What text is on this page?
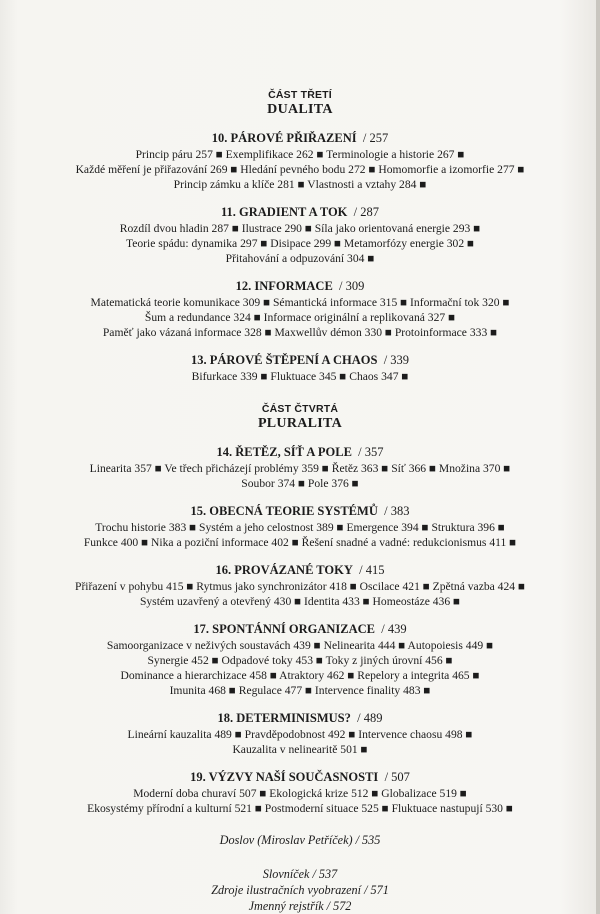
ČÁST TŘETÍ
DUALITA
10. PÁROVÉ PŘIŘAZENÍ / 257
Princip páru 257 ■ Exemplifikace 262 ■ Terminologie a historie 267 ■
Každé měření je přiřazování 269 ■ Hledání pevného bodu 272 ■ Homomorfie a izomorfie 277 ■
Princip zámku a klíče 281 ■ Vlastnosti a vztahy 284 ■
11. GRADIENT A TOK / 287
Rozdíl dvou hladin 287 ■ Ilustrace 290 ■ Síla jako orientovaná energie 293 ■
Teorie spádu: dynamika 297 ■ Disipace 299 ■ Metamorfózy energie 302 ■
Přitahování a odpuzování 304 ■
12. INFORMACE / 309
Matematická teorie komunikace 309 ■ Sémantická informace 315 ■ Informační tok 320 ■
Šum a redundance 324 ■ Informace originální a replikovaná 327 ■
Paměť jako vázaná informace 328 ■ Maxwellův démon 330 ■ Protoinformace 333 ■
13. PÁROVÉ ŠTĚPENÍ A CHAOS / 339
Bifurkace 339 ■ Fluktuace 345 ■ Chaos 347 ■
ČÁST ČTVRTÁ
PLURALITA
14. ŘETĚZ, SÍŤ A POLE / 357
Linearita 357 ■ Ve třech přicházejí problémy 359 ■ Řetěz 363 ■ Síť 366 ■ Množina 370 ■
Soubor 374 ■ Pole 376 ■
15. OBECNÁ TEORIE SYSTÉMŮ / 383
Trochu historie 383 ■ Systém a jeho celostnost 389 ■ Emergence 394 ■ Struktura 396 ■
Funkce 400 ■ Nika a poziční informace 402 ■ Řešení snadné a vadné: redukcionismus 411 ■
16. PROVÁZANÉ TOKY / 415
Přiřazení v pohybu 415 ■ Rytmus jako synchronizátor 418 ■ Oscilace 421 ■ Zpětná vazba 424 ■
Systém uzavřený a otevřený 430 ■ Identita 433 ■ Homeostáze 436 ■
17. SPONTÁNNÍ ORGANIZACE / 439
Samoorganizace v neživých soustavách 439 ■ Nelinearita 444 ■ Autopoiesis 449 ■
Synergie 452 ■ Odpadové toky 453 ■ Toky z jiných úrovní 456 ■
Dominance a hierarchizace 458 ■ Atraktory 462 ■ Repelory a integrita 465 ■
Imunita 468 ■ Regulace 477 ■ Intervence finality 483 ■
18. DETERMINISMUS? / 489
Lineární kauzalita 489 ■ Pravděpodobnost 492 ■ Intervence chaosu 498 ■
Kauzalita v nelinearitě 501 ■
19. VÝZVY NAŠÍ SOUČASNOSTI / 507
Moderní doba churaví 507 ■ Ekologická krize 512 ■ Globalizace 519 ■
Ekosystémy přírodní a kulturní 521 ■ Postmoderní situace 525 ■ Fluktuace nastupují 530 ■
Doslov (Miroslav Petříček) / 535
Slovníček / 537
Zdroje ilustračních vyobrazení / 571
Jmenný rejstřík / 572
